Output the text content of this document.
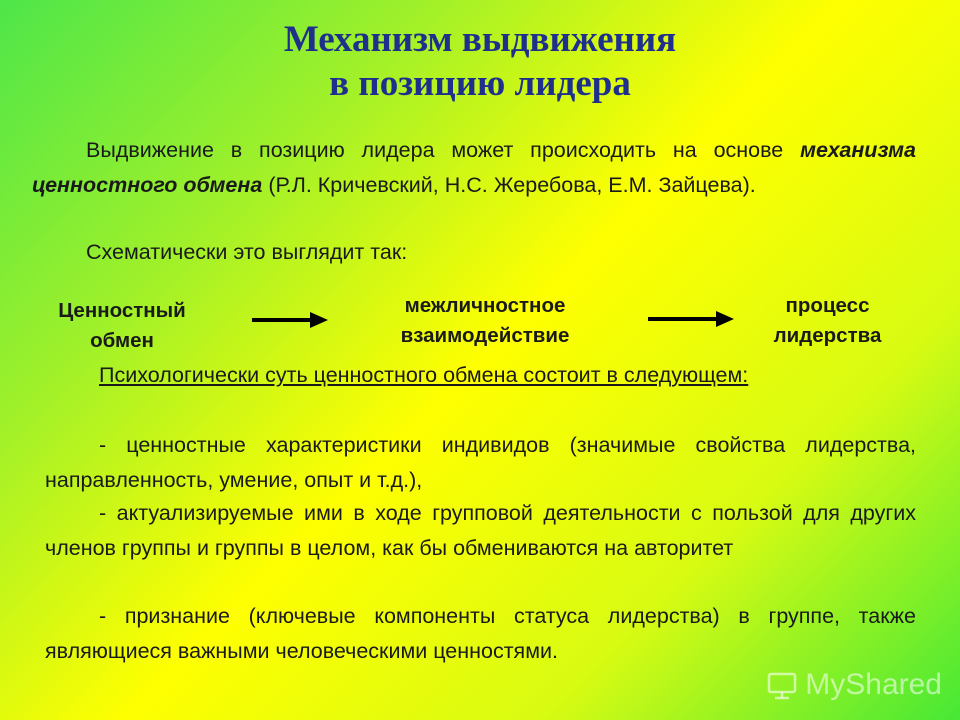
Механизм выдвижения
в позицию лидера

Выдвижение в позицию лидера может происходить на основе механизма ценностного обмена (Р.Л. Кричевский, Н.С. Жеребова, Е.М. Зайцева).

Схематически это выглядит так:

Ценностный
обмен
межличностное
взаимодействие
процесс
лидерства

Психологически суть ценностного обмена состоит в следующем:

- ценностные характеристики индивидов (значимые свойства лидерства, направленность, умение, опыт и т.д.),

- актуализируемые ими в ходе групповой деятельности с пользой для других членов группы и группы в целом, как бы обмениваются на авторитет

- признание (ключевые компоненты статуса лидерства) в группе, также являющиеся важными человеческими ценностями.

MyShared
